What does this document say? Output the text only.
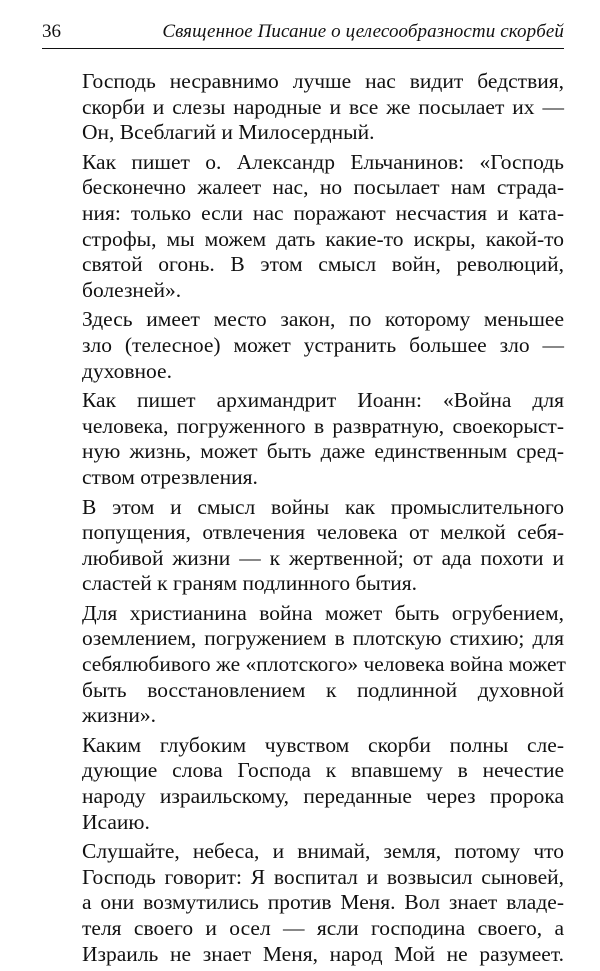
36	Священное Писание о целесообразности скорбей

Господь несравнимо лучше нас видит бедствия,
скорби и слезы народные и все же посылает их —
Он, Всеблагий и Милосердный.

Как пишет о. Александр Ельчанинов: «Господь
бесконечно жалеет нас, но посылает нам страда-
ния: только если нас поражают несчастия и ката-
строфы, мы можем дать какие-то искры, какой-то
святой огонь. В этом смысл войн, революций,
болезней».

Здесь имеет место закон, по которому меньшее
зло (телесное) может устранить большее зло —
духовное.

Как пишет архимандрит Иоанн: «Война для
человека, погруженного в развратную, своекорыст-
ную жизнь, может быть даже единственным сред-
ством отрезвления.

В этом и смысл войны как промыслительного
попущения, отвлечения человека от мелкой себя-
любивой жизни — к жертвенной; от ада похоти и
сластей к граням подлинного бытия.

Для христианина война может быть огрубением,
оземлением, погружением в плотскую стихию; для
себялюбивого же «плотского» человека война может
быть восстановлением к подлинной духовной
жизни».

Каким глубоким чувством скорби полны сле-
дующие слова Господа к впавшему в нечестие
народу израильскому, переданные через пророка
Исаию.

Слушайте, небеса, и внимай, земля, потому что
Господь говорит: Я воспитал и возвысил сыновей,
а они возмутились против Меня. Вол знает владе-
теля своего и осел — ясли господина своего, а
Израиль не знает Меня, народ Мой не разумеет.
